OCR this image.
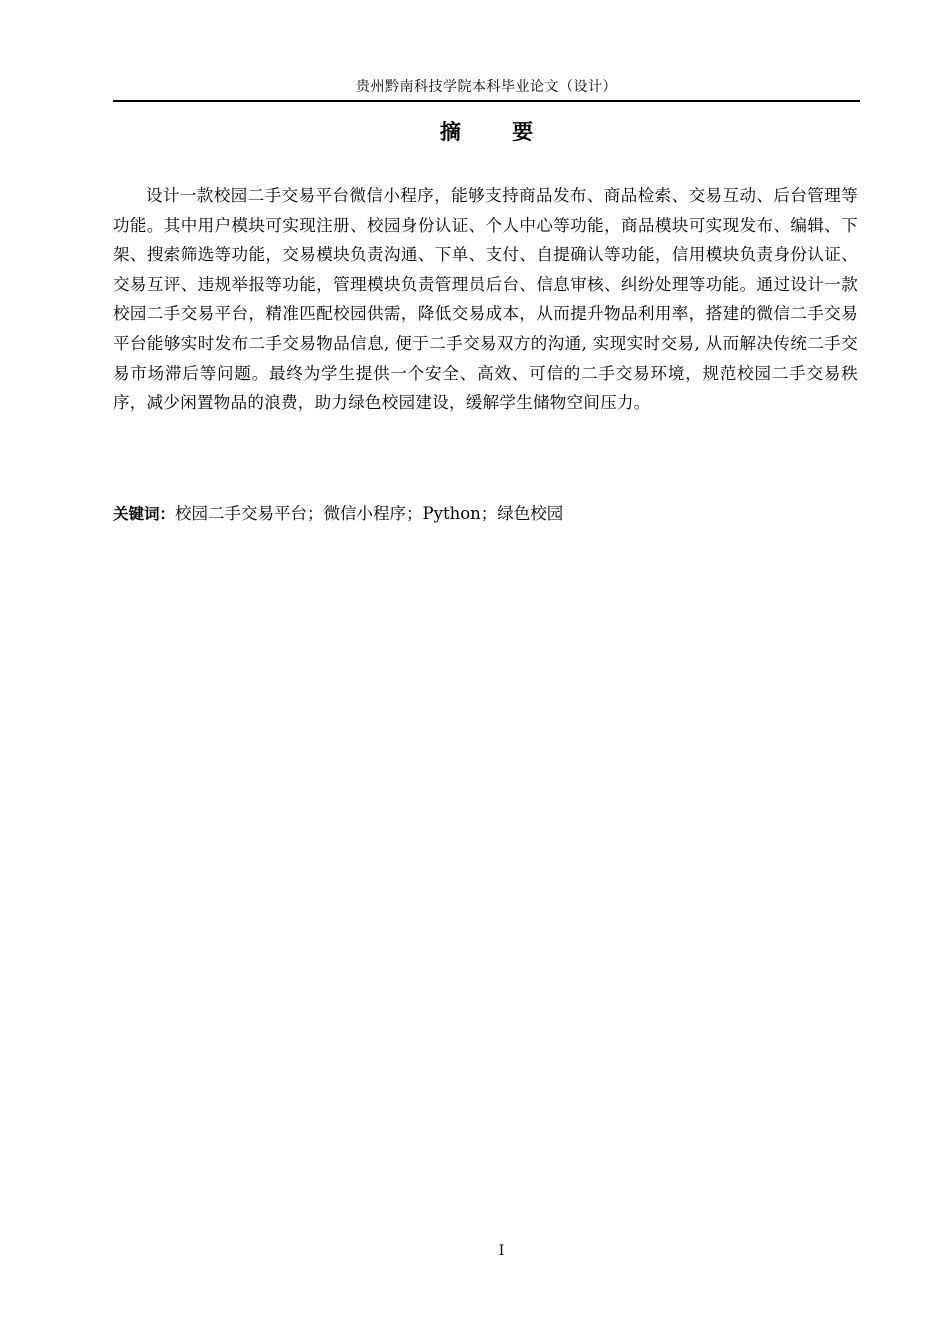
贵州黔南科技学院本科毕业论文（设计）
摘 要

设计一款校园二手交易平台微信小程序，能够支持商品发布、商品检索、交易互动、后台管理等功能。其中用户模块可实现注册、校园身份认证、个人中心等功能，商品模块可实现发布、编辑、下架、搜索筛选等功能，交易模块负责沟通、下单、支付、自提确认等功能，信用模块负责身份认证、交易互评、违规举报等功能，管理模块负责管理员后台、信息审核、纠纷处理等功能。通过设计一款校园二手交易平台，精准匹配校园供需，降低交易成本，从而提升物品利用率，搭建的微信二手交易平台能够实时发布二手交易物品信息, 便于二手交易双方的沟通, 实现实时交易, 从而解决传统二手交易市场滞后等问题。最终为学生提供一个安全、高效、可信的二手交易环境，规范校园二手交易秩序，减少闲置物品的浪费，助力绿色校园建设，缓解学生储物空间压力。

关键词：校园二手交易平台；微信小程序；Python；绿色校园
I
